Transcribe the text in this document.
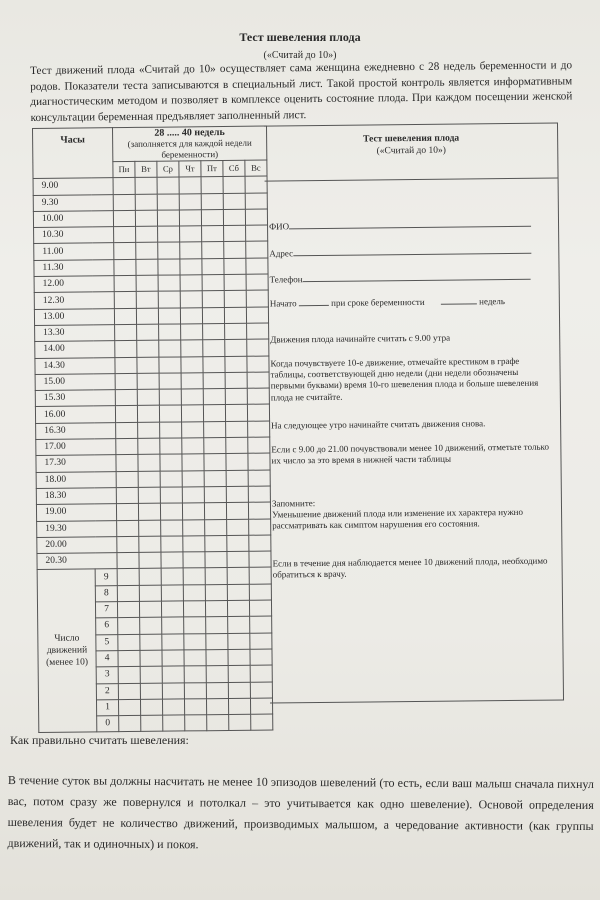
Тест шевеления плода
(«Считай до 10»)
Тест движений плода «Считай до 10» осуществляет сама женщина ежедневно с 28 недель беременности и до родов. Показатели теста записываются в специальный лист. Такой простой контроль является информативным диагностическим методом и позволяет в комплексе оценить состояние плода. При каждом посещении женской консультации беременная предъявляет заполненный лист.
Часы		28 ..... 40 недель
(заполняется для каждой недели беременности)						

		Пн	Вт	Ср	Чт	Пт	Сб	Вс
9.00								
9.30								
10.00								
10.30								
11.00								
11.30								
12.00								
12.30								
13.00								
13.30								
14.00								
14.30								
15.00								
15.30								
16.00								
16.30								
17.00								
17.30								
18.00								
18.30								
19.00								
19.30								
20.00								
20.30								
Число движений (менее 10)	9							
	8							
	7							
	6							
	5							
	4							
	3							
	2							
	1							
	0							
Тест шевеления плода
(«Считай до 10»)
ФИО
Адрес
Телефон
Начато	при сроке беременности	недель
Движения плода начинайте считать с 9.00 утра
Когда почувствуете 10-е движение, отмечайте крестиком в графе таблицы, соответствующей дню недели (дни недели обозначены первыми буквами) время 10-го шевеления плода и больше шевеления плода не считайте.
На следующее утро начинайте считать движения снова.
Если с 9.00 до 21.00 почувствовали менее 10 движений, отметьте только их число за это время в нижней части таблицы
Запомните:
Уменьшение движений плода или изменение их характера нужно рассматривать как симптом нарушения его состояния.
Если в течение дня наблюдается менее 10 движений плода, необходимо обратиться к врачу.
Как правильно считать шевеления:
В течение суток вы должны насчитать не менее 10 эпизодов шевелений (то есть, если ваш малыш сначала пихнул вас, потом сразу же повернулся и потолкал – это учитывается как одно шевеление). Основой определения шевеления будет не количество движений, производимых малышом, а чередование активности (как группы движений, так и одиночных) и покоя.
